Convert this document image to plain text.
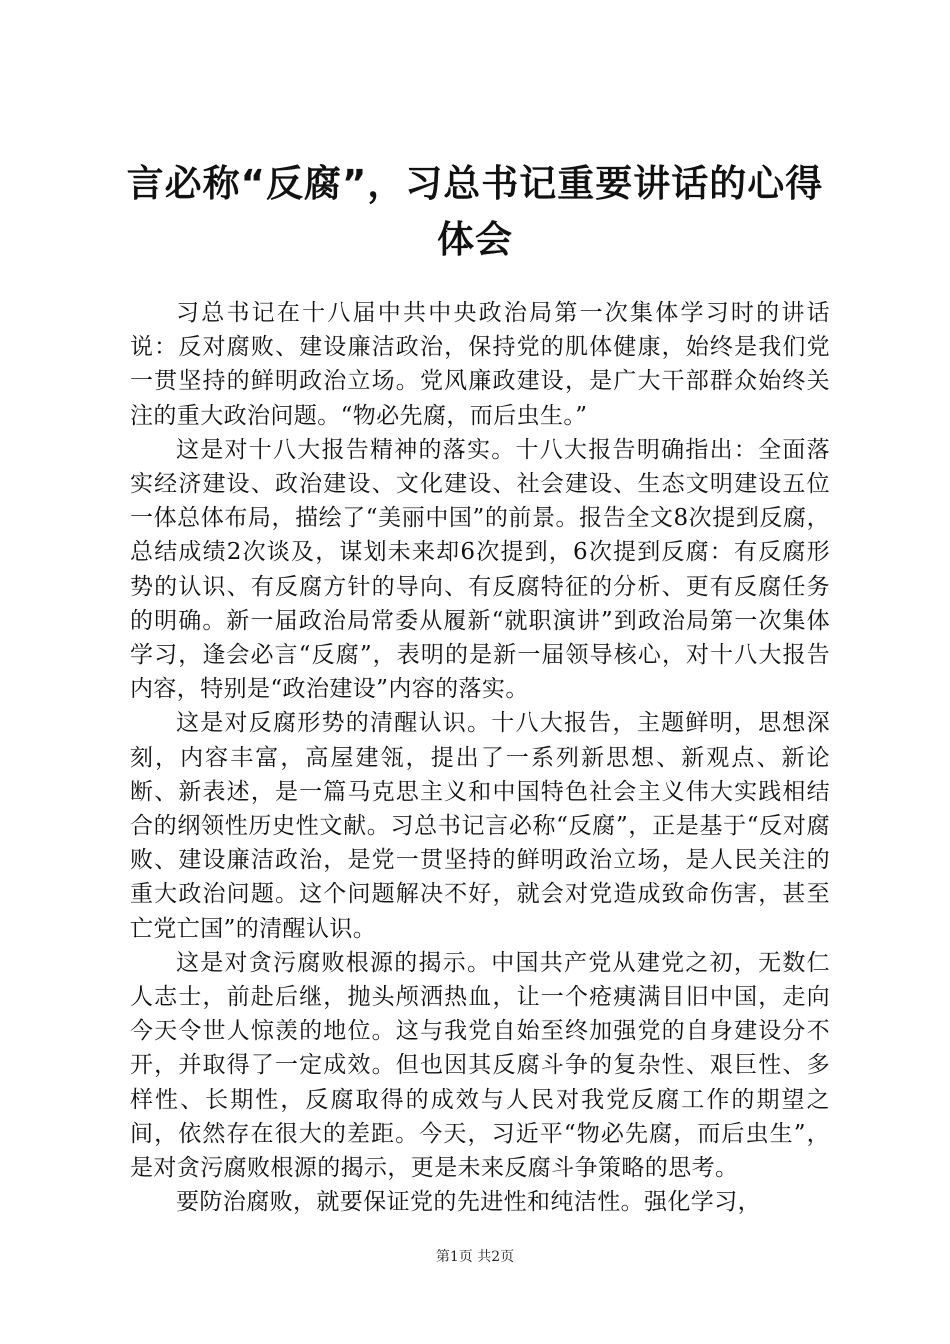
言必称“反腐”，习总书记重要讲话的心得体会

习总书记在十八届中共中央政治局第一次集体学习时的讲话说：反对腐败、建设廉洁政治，保持党的肌体健康，始终是我们党一贯坚持的鲜明政治立场。党风廉政建设，是广大干部群众始终关注的重大政治问题。“物必先腐，而后虫生。”

这是对十八大报告精神的落实。十八大报告明确指出：全面落实经济建设、政治建设、文化建设、社会建设、生态文明建设五位一体总体布局，描绘了“美丽中国”的前景。报告全文8次提到反腐，总结成绩2次谈及，谋划未来却6次提到，6次提到反腐：有反腐形势的认识、有反腐方针的导向、有反腐特征的分析、更有反腐任务的明确。新一届政治局常委从履新“就职演讲”到政治局第一次集体学习，逢会必言“反腐”，表明的是新一届领导核心，对十八大报告内容，特别是“政治建设”内容的落实。

这是对反腐形势的清醒认识。十八大报告，主题鲜明，思想深刻，内容丰富，高屋建瓴，提出了一系列新思想、新观点、新论断、新表述，是一篇马克思主义和中国特色社会主义伟大实践相结合的纲领性历史性文献。习总书记言必称“反腐”，正是基于“反对腐败、建设廉洁政治，是党一贯坚持的鲜明政治立场，是人民关注的重大政治问题。这个问题解决不好，就会对党造成致命伤害，甚至亡党亡国”的清醒认识。

这是对贪污腐败根源的揭示。中国共产党从建党之初，无数仁人志士，前赴后继，抛头颅洒热血，让一个疮痍满目旧中国，走向今天令世人惊羡的地位。这与我党自始至终加强党的自身建设分不开，并取得了一定成效。但也因其反腐斗争的复杂性、艰巨性、多样性、长期性，反腐取得的成效与人民对我党反腐工作的期望之间，依然存在很大的差距。今天，习近平“物必先腐，而后虫生”，是对贪污腐败根源的揭示，更是未来反腐斗争策略的思考。

要防治腐败，就要保证党的先进性和纯洁性。强化学习，

第1页 共2页
